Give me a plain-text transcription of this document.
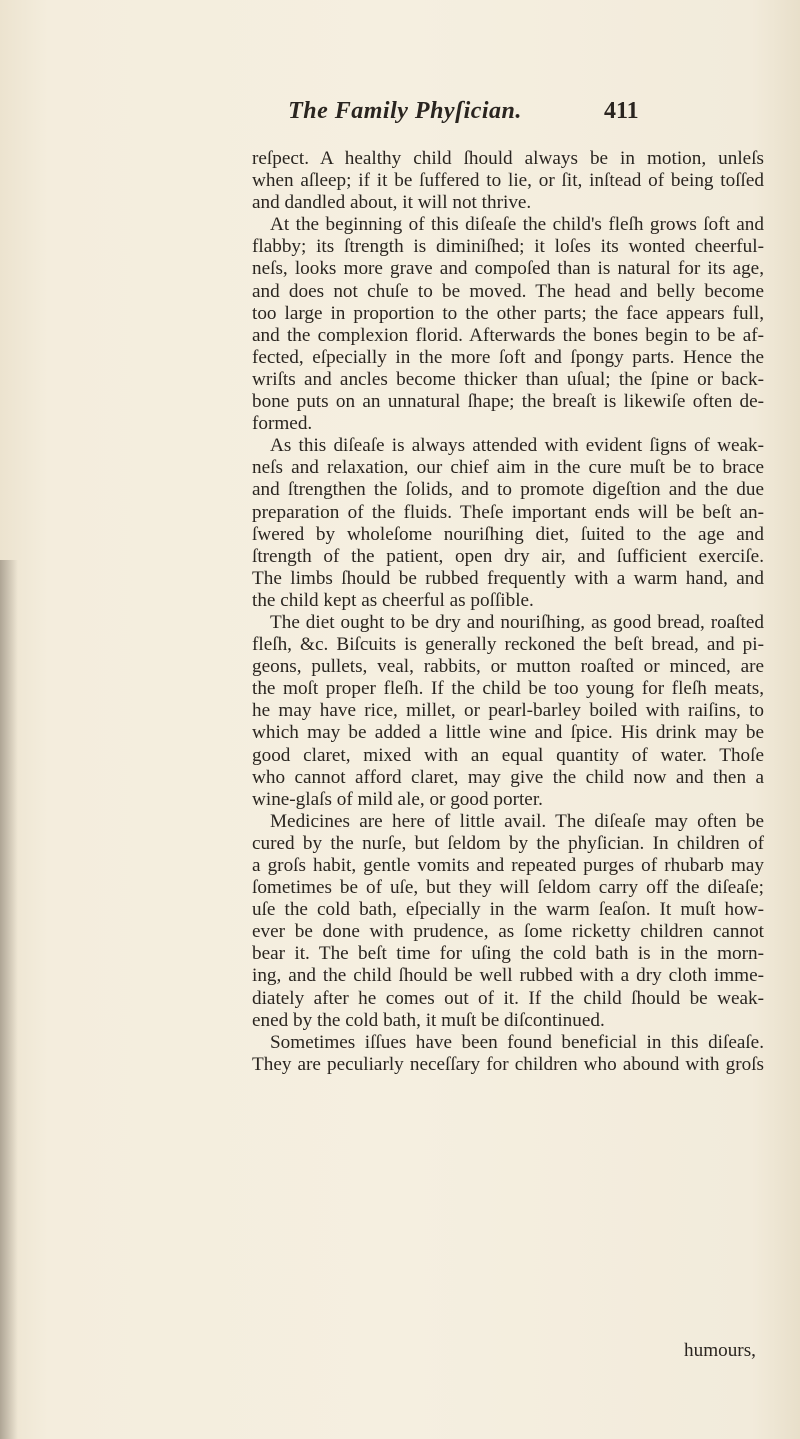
The Family Phyſician.	411
reſpect. A healthy child ſhould always be in motion, unleſs
when aſleep; if it be ſuffered to lie, or ſit, inſtead of being toſſed
and dandled about, it will not thrive.
At the beginning of this diſeaſe the child's fleſh grows ſoft and
flabby; its ſtrength is diminiſhed; it loſes its wonted cheerful-
neſs, looks more grave and compoſed than is natural for its age,
and does not chuſe to be moved. The head and belly become
too large in proportion to the other parts; the face appears full,
and the complexion florid. Afterwards the bones begin to be af-
fected, eſpecially in the more ſoft and ſpongy parts. Hence the
wriſts and ancles become thicker than uſual; the ſpine or back-
bone puts on an unnatural ſhape; the breaſt is likewiſe often de-
formed.
As this diſeaſe is always attended with evident ſigns of weak-
neſs and relaxation, our chief aim in the cure muſt be to brace
and ſtrengthen the ſolids, and to promote digeſtion and the due
preparation of the fluids. Theſe important ends will be beſt an-
ſwered by wholeſome nouriſhing diet, ſuited to the age and
ſtrength of the patient, open dry air, and ſufficient exerciſe.
The limbs ſhould be rubbed frequently with a warm hand, and
the child kept as cheerful as poſſible.
The diet ought to be dry and nouriſhing, as good bread, roaſted
fleſh, &c. Biſcuits is generally reckoned the beſt bread, and pi-
geons, pullets, veal, rabbits, or mutton roaſted or minced, are
the moſt proper fleſh. If the child be too young for fleſh meats,
he may have rice, millet, or pearl-barley boiled with raiſins, to
which may be added a little wine and ſpice. His drink may be
good claret, mixed with an equal quantity of water. Thoſe
who cannot afford claret, may give the child now and then a
wine-glaſs of mild ale, or good porter.
Medicines are here of little avail. The diſeaſe may often be
cured by the nurſe, but ſeldom by the phyſician. In children of
a groſs habit, gentle vomits and repeated purges of rhubarb may
ſometimes be of uſe, but they will ſeldom carry off the diſeaſe;
uſe the cold bath, eſpecially in the warm ſeaſon. It muſt how-
ever be done with prudence, as ſome ricketty children cannot
bear it. The beſt time for uſing the cold bath is in the morn-
ing, and the child ſhould be well rubbed with a dry cloth imme-
diately after he comes out of it. If the child ſhould be weak-
ened by the cold bath, it muſt be diſcontinued.
Sometimes iſſues have been found beneficial in this diſeaſe.
They are peculiarly neceſſary for children who abound with groſs
humours,
